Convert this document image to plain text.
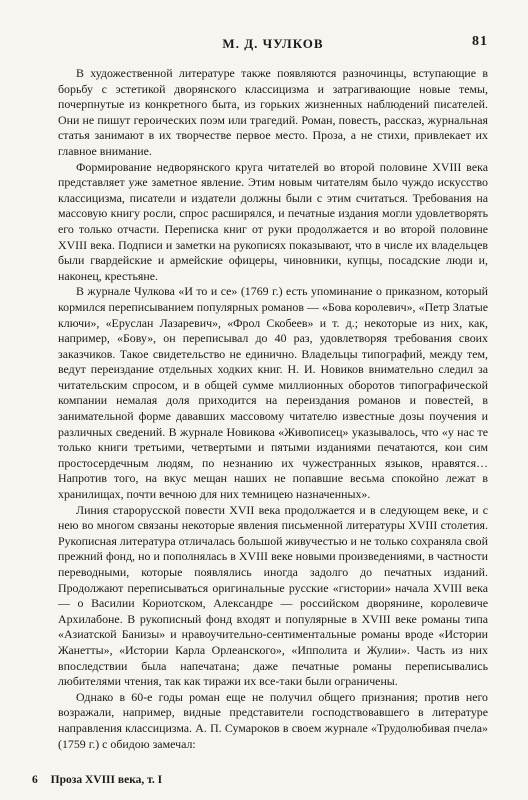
М. Д. ЧУЛКОВ	81

В художественной литературе также появляются разночинцы, вступающие в борьбу с эстетикой дворянского классицизма и затрагивающие новые темы, почерпнутые из конкретного быта, из горьких жизненных наблюдений писателей. Они не пишут героических поэм или трагедий. Роман, повесть, рассказ, журнальная статья занимают в их творчестве первое место. Проза, а не стихи, привлекает их главное внимание.

Формирование недворянского круга читателей во второй половине XVIII века представляет уже заметное явление. Этим новым читателям было чуждо искусство классицизма, писатели и издатели должны были с этим считаться. Требования на массовую книгу росли, спрос расширялся, и печатные издания могли удовлетворять его только отчасти. Переписка книг от руки продолжается и во второй половине XVIII века. Подписи и заметки на рукописях показывают, что в числе их владельцев были гвардейские и армейские офицеры, чиновники, купцы, посадские люди и, наконец, крестьяне.

В журнале Чулкова «И то и се» (1769 г.) есть упоминание о приказном, который кормился переписыванием популярных романов — «Бова королевич», «Петр Златые ключи», «Еруслан Лазаревич», «Фрол Скобеев» и т. д.; некоторые из них, как, например, «Бову», он переписывал до 40 раз, удовлетворяя требования своих заказчиков. Такое свидетельство не единично. Владельцы типографий, между тем, ведут переиздание отдельных ходких книг. Н. И. Новиков внимательно следил за читательским спросом, и в общей сумме миллионных оборотов типографической компании немалая доля приходится на переиздания романов и повестей, в занимательной форме дававших массовому читателю известные дозы поучения и различных сведений. В журнале Новикова «Живописец» указывалось, что «у нас те только книги третьими, четвертыми и пятыми изданиями печатаются, кои сим простосердечным людям, по незнанию их чужестранных языков, нравятся… Напротив того, на вкус мещан наших не попавшие весьма спокойно лежат в хранилищах, почти вечною для них темницею назначенных».

Линия старорусской повести XVII века продолжается и в следующем веке, и с нею во многом связаны некоторые явления письменной литературы XVIII столетия. Рукописная литература отличалась большой живучестью и не только сохраняла свой прежний фонд, но и пополнялась в XVIII веке новыми произведениями, в частности переводными, которые появлялись иногда задолго до печатных изданий. Продолжают переписываться оригинальные русские «гистории» начала XVIII века — о Василии Кориотском, Александре — российском дворянине, королевиче Архилабоне. В рукописный фонд входят и популярные в XVIII веке романы типа «Азиатской Банизы» и нравоучительно-сентиментальные романы вроде «Истории Жанетты», «Истории Карла Орлеанского», «Ипполита и Жулии». Часть из них впоследствии была напечатана; даже печатные романы переписывались любителями чтения, так как тиражи их все-таки были ограничены.

Однако в 60-е годы роман еще не получил общего признания; против него возражали, например, видные представители господствовавшего в литературе направления классицизма. А. П. Сумароков в своем журнале «Трудолюбивая пчела» (1759 г.) с обидою замечал:

6 Проза XVIII века, т. I
